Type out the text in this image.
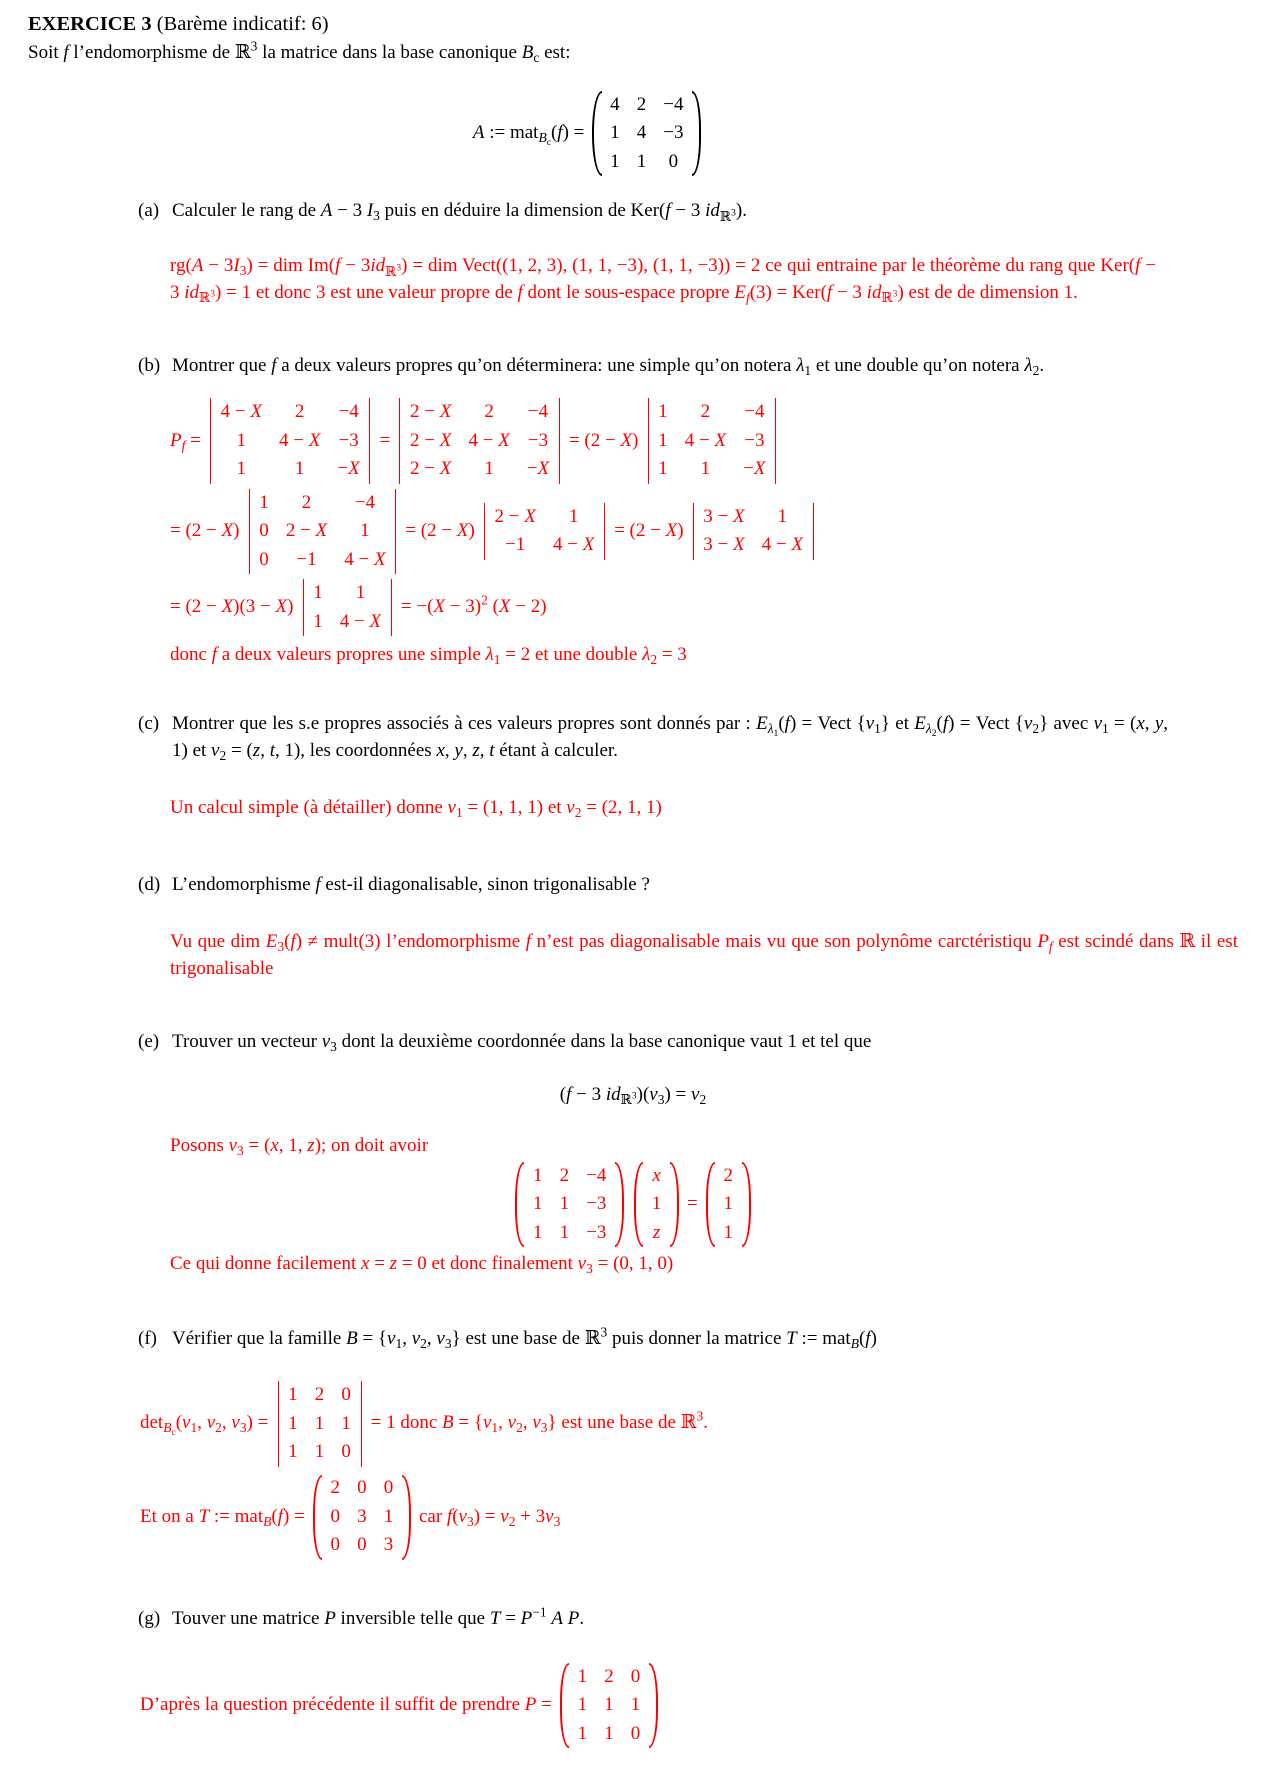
EXERCICE 3 (Barème indicatif: 6)
Soit f l’endomorphisme de ℝ$^3$ la matrice dans la base canonique $B_c$ est:
A := mat$_{B_c}$(f) =
4	2	−4
1	4	−3
1	1	0
(a) Calculer le rang de A − 3 $I_3$ puis en déduire la dimension de Ker(f − 3 $id_{ℝ^3}$).
$rg(A - 3I_3)$ = dim $Im(f - 3id_{ℝ^3})$ = dim Vect((1, 2, 3), (1, 1, −3), (1, 1, −3)) = 2 ce qui entraine par le théorème du rang que Ker(f − 3 $id_{ℝ^3}) = 1$ et donc 3 est une valeur propre de f dont le sous-espace propre $E_f(3) = Ker(f - 3$ $id_{ℝ^3}$) est de de dimension 1.
(b) Montrer que f a deux valeurs propres qu’on déterminera: une simple qu’on notera $\lambda_1$ et une double qu’on notera $\lambda_2$.
$P_f$ =
4 − X	2	−4
1	4 − X	−3
1	1	−X
=
2 − X	2	−4
2 − X	4 − X	−3
2 − X	1	−X
= (2 − X)
1	2	−4
1	4 − X	−3
1	1	−X
= (2 − X)
1	2	−4
0	2 − X	1
0	−1	4 − X
= (2 − X)
2 − X	1
−1	4 − X
= (2 − X)
3 − X	1
3 − X	4 − X
= (2 − X)(3 − X)
1	1
1	4 − X
= $-(X - 3)^2$ (X − 2)
donc f a deux valeurs propres une simple $\lambda_1 = 2$ et une double $\lambda_2 = 3$
(c) Montrer que les s.e propres associés à ces valeurs propres sont donnés par : $E_{\lambda_1}(f)$ = Vect $\{v_1\}$ et $E_{\lambda_2}(f)$ = Vect $\{v_2\}$ avec $v_1 = (x$, y, 1) et $v_2 = (z$, t, 1), les coordonnées x, y, z, t étant à calculer.
Un calcul simple (à détailler) donne $v_1 = (1$, 1, 1) et $v_2 = (2$, 1, 1)
(d) L’endomorphisme f est-il diagonalisable, sinon trigonalisable ?
Vu que dim $E_3(f)$ ≠ mult(3) l’endomorphisme f n’est pas diagonalisable mais vu que son polynôme carctéristiqu $P_f$ est scindé dans ℝ il est trigonalisable
(e) Trouver un vecteur $v_3$ dont la deuxième coordonnée dans la base canonique vaut 1 et tel que
(f − 3 $id_{ℝ^3})(v_3) = v_2$
Posons $v_3 = (x$, 1, z); on doit avoir
1	2	−4
1	1	−3
1	1	−3
x
1
z
=
2
1
1
Ce qui donne facilement x = z = 0 et donc finalement $v_3 = (0$, 1, 0)
(f) Vérifier que la famille $B = \{v_1$, $v_2$, $v_3$} est une base de ℝ$^3$ puis donner la matrice T := mat$_B$(f)
$\det_{B_c}(v_1$, $v_2$, $v_3$) =
1	2	0
1	1	1
1	1	0
= 1 donc $B = \{v_1$, $v_2$, $v_3$} est une base de ℝ$^3$.
Et on a T := mat$_B$(f) =
2	0	0
0	3	1
0	0	3
car $f(v_3) = v_2 + 3v_3$
(g) Touver une matrice P inversible telle que $T = P^{-1}$ A P.
D’après la question précédente il suffit de prendre P =
1	2	0
1	1	1
1	1	0
